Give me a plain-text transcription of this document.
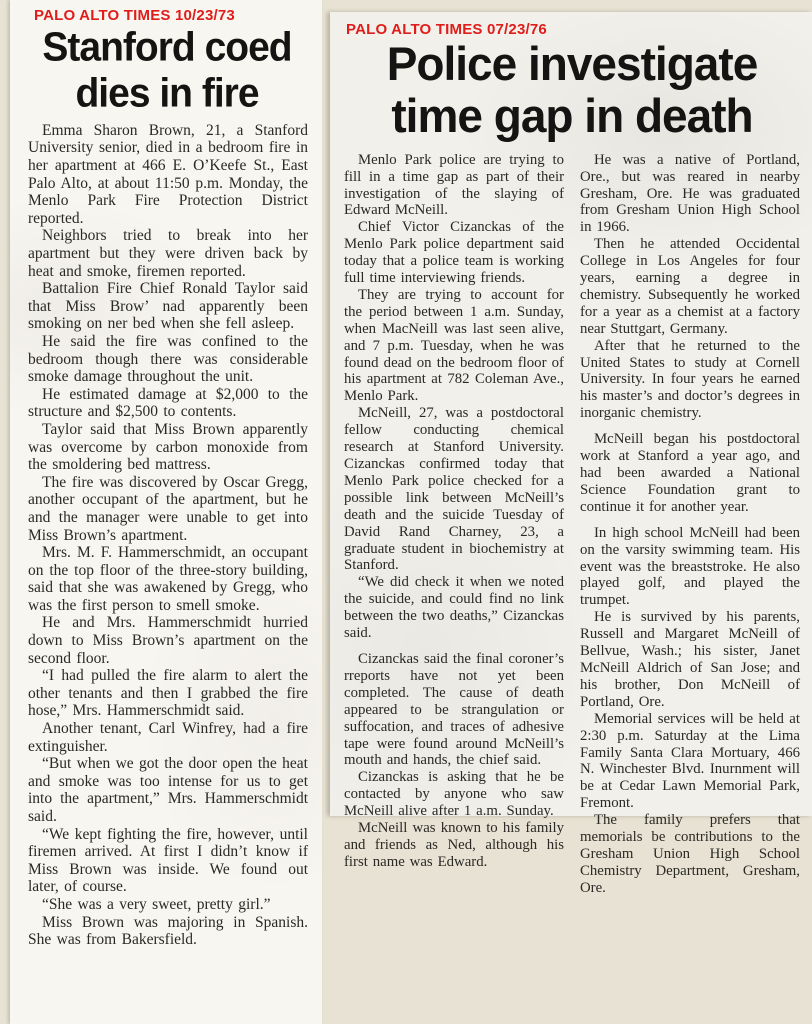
PALO ALTO TIMES 10/23/73
Stanford coed
dies in fire

Emma Sharon Brown, 21, a Stanford University senior, died in a bedroom fire in her apartment at 466 E. O’Keefe St., East Palo Alto, at about 11:50 p.m. Monday, the Menlo Park Fire Protection District reported.

Neighbors tried to break into her apartment but they were driven back by heat and smoke, firemen reported.

Battalion Fire Chief Ronald Taylor said that Miss Brow’ nad apparently been smoking on ner bed when she fell asleep.

He said the fire was confined to the bedroom though there was considerable smoke damage throughout the unit.

He estimated damage at $2,000 to the structure and $2,500 to contents.

Taylor said that Miss Brown apparently was overcome by carbon monoxide from the smoldering bed mattress.

The fire was discovered by Oscar Gregg, another occupant of the apartment, but he and the manager were unable to get into Miss Brown’s apartment.

Mrs. M. F. Hammerschmidt, an occupant on the top floor of the three-story building, said that she was awakened by Gregg, who was the first person to smell smoke.

He and Mrs. Hammerschmidt hurried down to Miss Brown’s apartment on the second floor.

“I had pulled the fire alarm to alert the other tenants and then I grabbed the fire hose,” Mrs. Hammerschmidt said.

Another tenant, Carl Winfrey, had a fire extinguisher.

“But when we got the door open the heat and smoke was too intense for us to get into the apartment,” Mrs. Hammerschmidt said.

“We kept fighting the fire, however, until firemen arrived. At first I didn’t know if Miss Brown was inside. We found out later, of course.

“She was a very sweet, pretty girl.”

Miss Brown was majoring in Spanish. She was from Bakersfield.

PALO ALTO TIMES 07/23/76
Police investigate
time gap in death

Menlo Park police are trying to fill in a time gap as part of their investigation of the slaying of Edward McNeill.

Chief Victor Cizanckas of the Menlo Park police department said today that a police team is working full time interviewing friends.

They are trying to account for the period between 1 a.m. Sunday, when MacNeill was last seen alive, and 7 p.m. Tuesday, when he was found dead on the bedroom floor of his apartment at 782 Coleman Ave., Menlo Park.

McNeill, 27, was a postdoctoral fellow conducting chemical research at Stanford University. Cizanckas confirmed today that Menlo Park police checked for a possible link between McNeill’s death and the suicide Tuesday of David Rand Charney, 23, a graduate student in biochemistry at Stanford.

“We did check it when we noted the suicide, and could find no link between the two deaths,” Cizanckas said.

Cizanckas said the final coroner’s rreports have not yet been completed. The cause of death appeared to be strangulation or suffocation, and traces of adhesive tape were found around McNeill’s mouth and hands, the chief said.

Cizanckas is asking that he be contacted by anyone who saw McNeill alive after 1 a.m. Sunday.

McNeill was known to his family and friends as Ned, although his first name was Edward.

He was a native of Portland, Ore., but was reared in nearby Gresham, Ore. He was graduated from Gresham Union High School in 1966.

Then he attended Occidental College in Los Angeles for four years, earning a degree in chemistry. Subsequently he worked for a year as a chemist at a factory near Stuttgart, Germany.

After that he returned to the United States to study at Cornell University. In four years he earned his master’s and doctor’s degrees in inorganic chemistry.

McNeill began his postdoctoral work at Stanford a year ago, and had been awarded a National Science Foundation grant to continue it for another year.

In high school McNeill had been on the varsity swimming team. His event was the breaststroke. He also played golf, and played the trumpet.

He is survived by his parents, Russell and Margaret McNeill of Bellvue, Wash.; his sister, Janet McNeill Aldrich of San Jose; and his brother, Don McNeill of Portland, Ore.

Memorial services will be held at 2:30 p.m. Saturday at the Lima Family Santa Clara Mortuary, 466 N. Winchester Blvd. Inurnment will be at Cedar Lawn Memorial Park, Fremont.

The family prefers that memorials be contributions to the Gresham Union High School Chemistry Department, Gresham, Ore.
